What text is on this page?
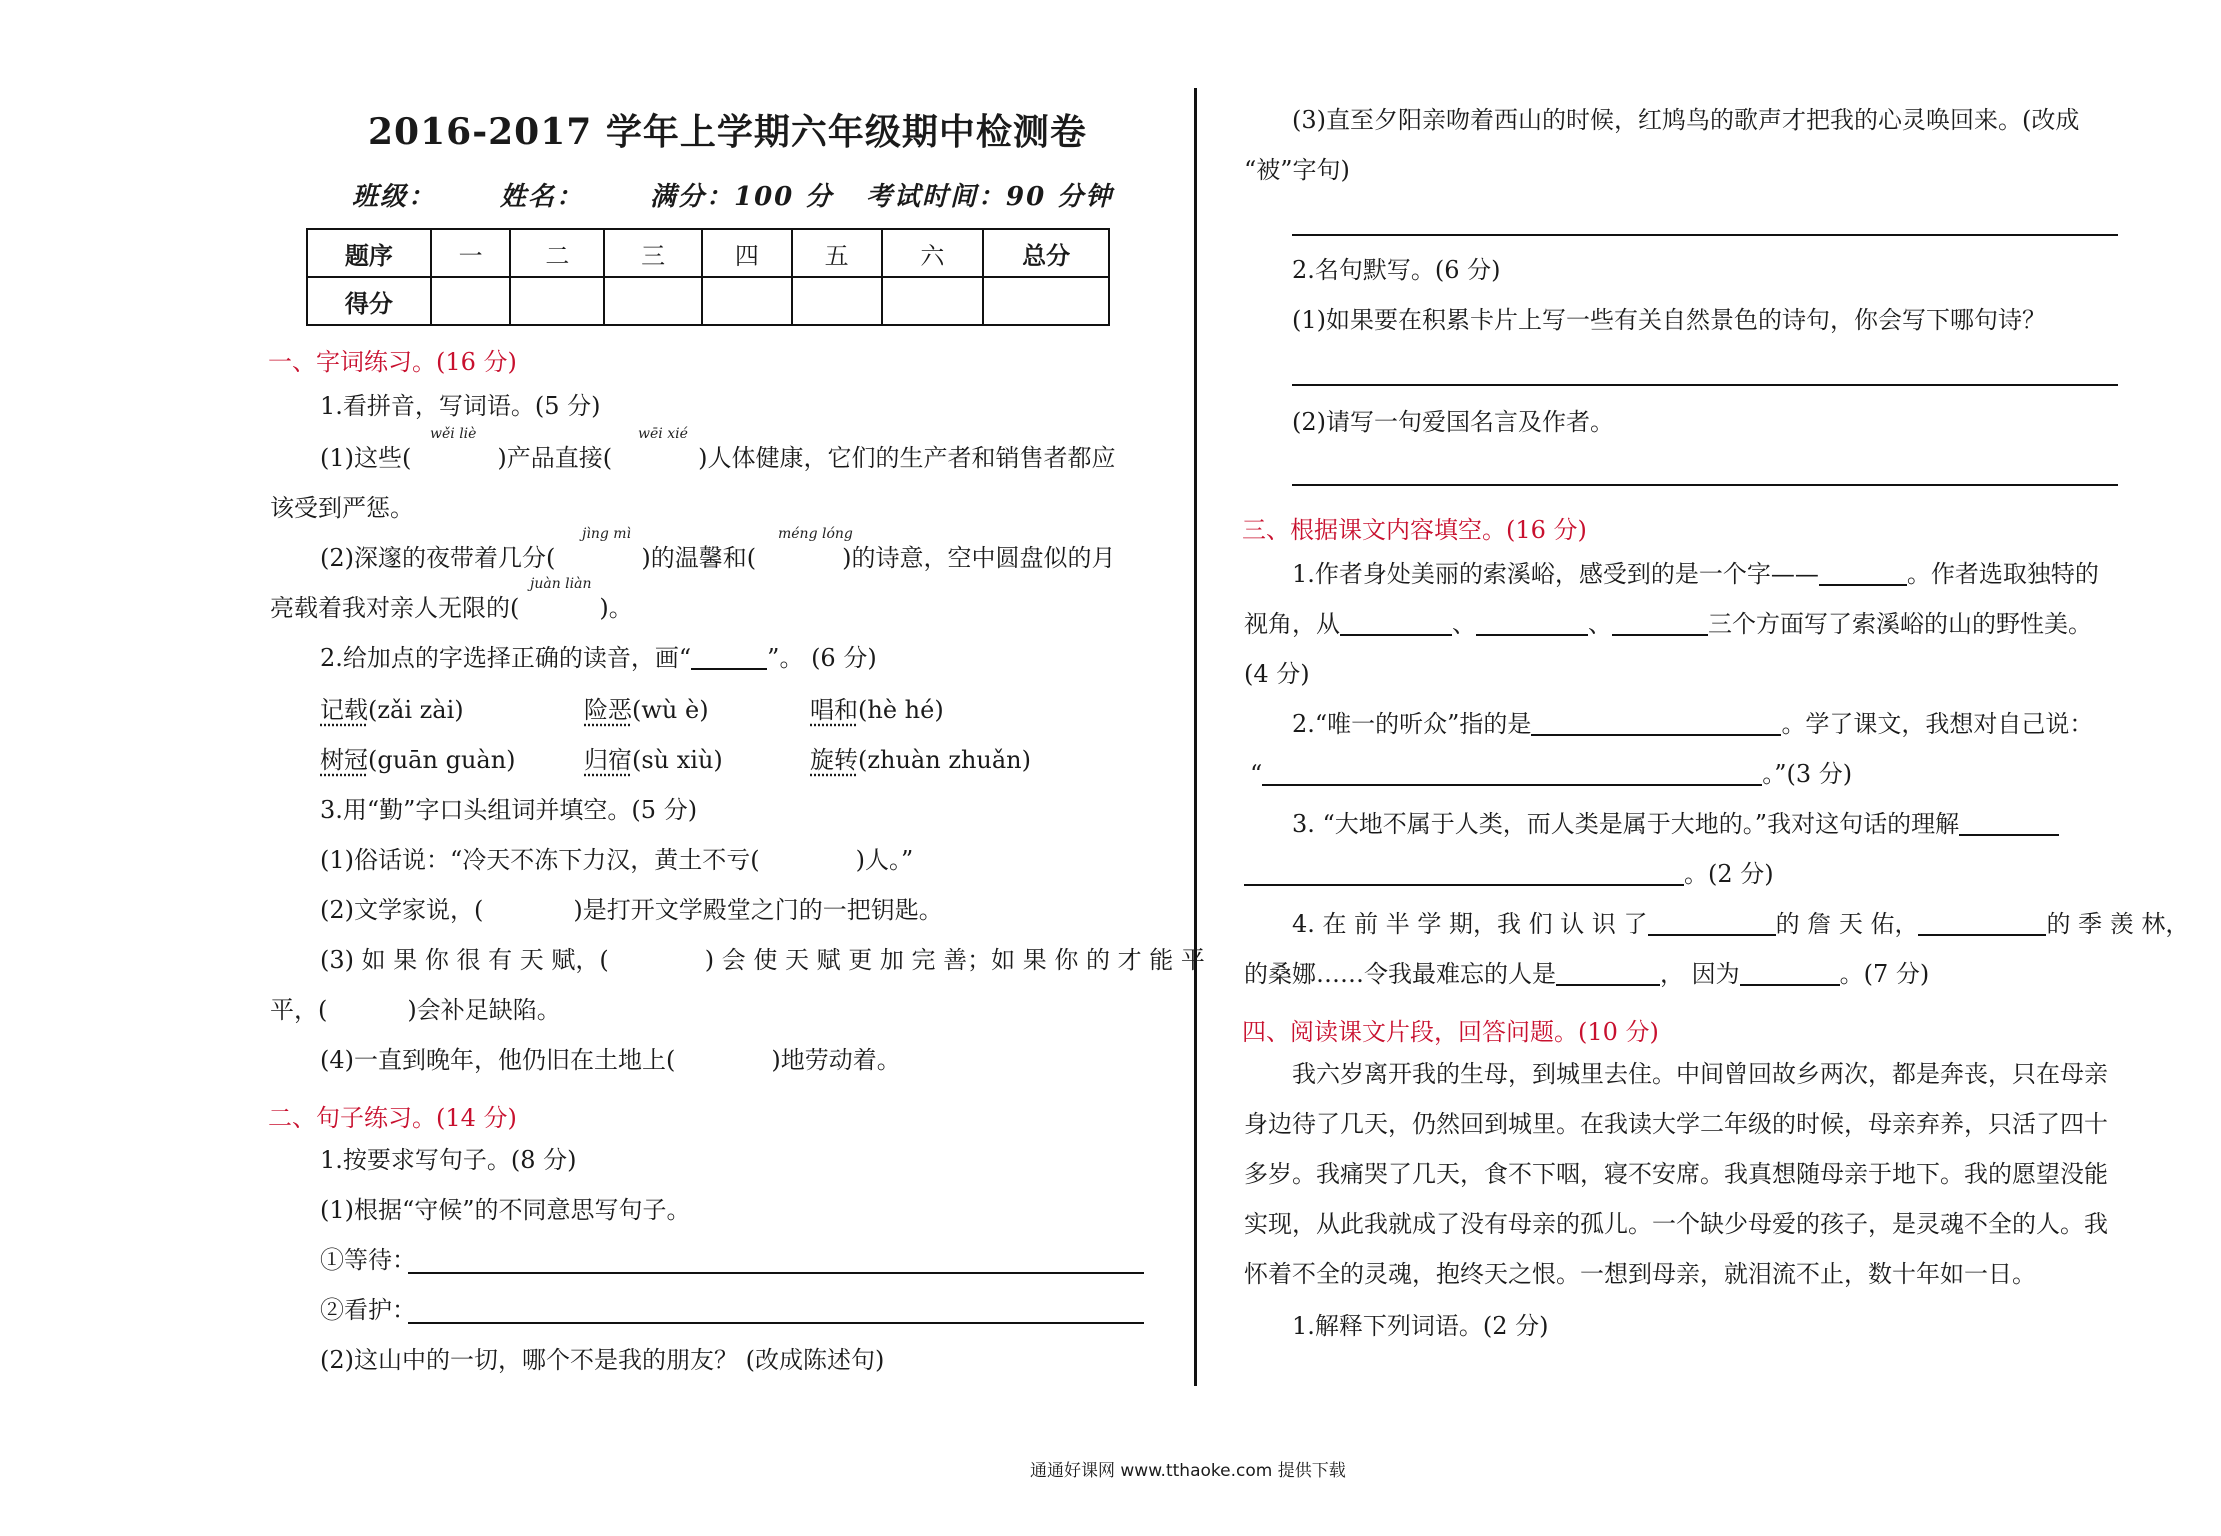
2016-2017 学年上学期六年级期中检测卷
班级： 姓名：	满分：100 分 考试时间：90 分钟
题序	一	二	三	四	五	六	总分
得分							
一、字词练习。(16 分)
1.看拼音，写词语。(5 分)
wěi liè	wēi xié
(1)这些(	)产品直接(	)人体健康，它们的生产者和销售者都应
该受到严惩。
jìng mì	méng lóng
(2)深邃的夜带着几分(	)的温馨和(	)的诗意，空中圆盘似的月
juàn liàn
亮载着我对亲人无限的(	)。
2.给加点的字选择正确的读音，画“	”。 (6 分)
记载(zǎi zài)	险恶(wù è)	唱和(hè hé)
树冠(guān guàn)	归宿(sù xiù)	旋转(zhuàn zhuǎn)
3.用“勤”字口头组词并填空。(5 分)
(1)俗话说：“冷天不冻下力汉，黄土不亏(	)人。”
(2)文学家说，(	)是打开文学殿堂之门的一把钥匙。
(3) 如 果 你 很 有 天 赋，(	) 会 使 天 赋 更 加 完 善；如 果 你 的 才 能 平
平，(	)会补足缺陷。
(4)一直到晚年，他仍旧在土地上(	)地劳动着。
二、句子练习。(14 分)
1.按要求写句子。(8 分)
(1)根据“守候”的不同意思写句子。
①等待：
②看护：
(2)这山中的一切，哪个不是我的朋友？ (改成陈述句)
(3)直至夕阳亲吻着西山的时候，红鸠鸟的歌声才把我的心灵唤回来。(改成
“被”字句)
2.名句默写。(6 分)
(1)如果要在积累卡片上写一些有关自然景色的诗句，你会写下哪句诗？
(2)请写一句爱国名言及作者。
三、根据课文内容填空。(16 分)
1.作者身处美丽的索溪峪，感受到的是一个字——	。作者选取独特的
视角，从	、	、	三个方面写了索溪峪的山的野性美。
(4 分)
2.“唯一的听众”指的是	。学了课文，我想对自己说：
“	。”(3 分)
3. “大地不属于人类，而人类是属于大地的。”我对这句话的理解
。(2 分)
4. 在 前 半 学 期，我 们 认 识 了	的 詹 天 佑，	的 季 羡 林，
的桑娜……令我最难忘的人是	， 因为	。(7 分)
四、阅读课文片段，回答问题。(10 分)
我六岁离开我的生母，到城里去住。中间曾回故乡两次，都是奔丧，只在母亲
身边待了几天，仍然回到城里。在我读大学二年级的时候，母亲弃养，只活了四十
多岁。我痛哭了几天，食不下咽，寝不安席。我真想随母亲于地下。我的愿望没能
实现，从此我就成了没有母亲的孤儿。一个缺少母爱的孩子，是灵魂不全的人。我
怀着不全的灵魂，抱终天之恨。一想到母亲，就泪流不止，数十年如一日。
1.解释下列词语。(2 分)
通通好课网 www.tthaoke.com 提供下载
